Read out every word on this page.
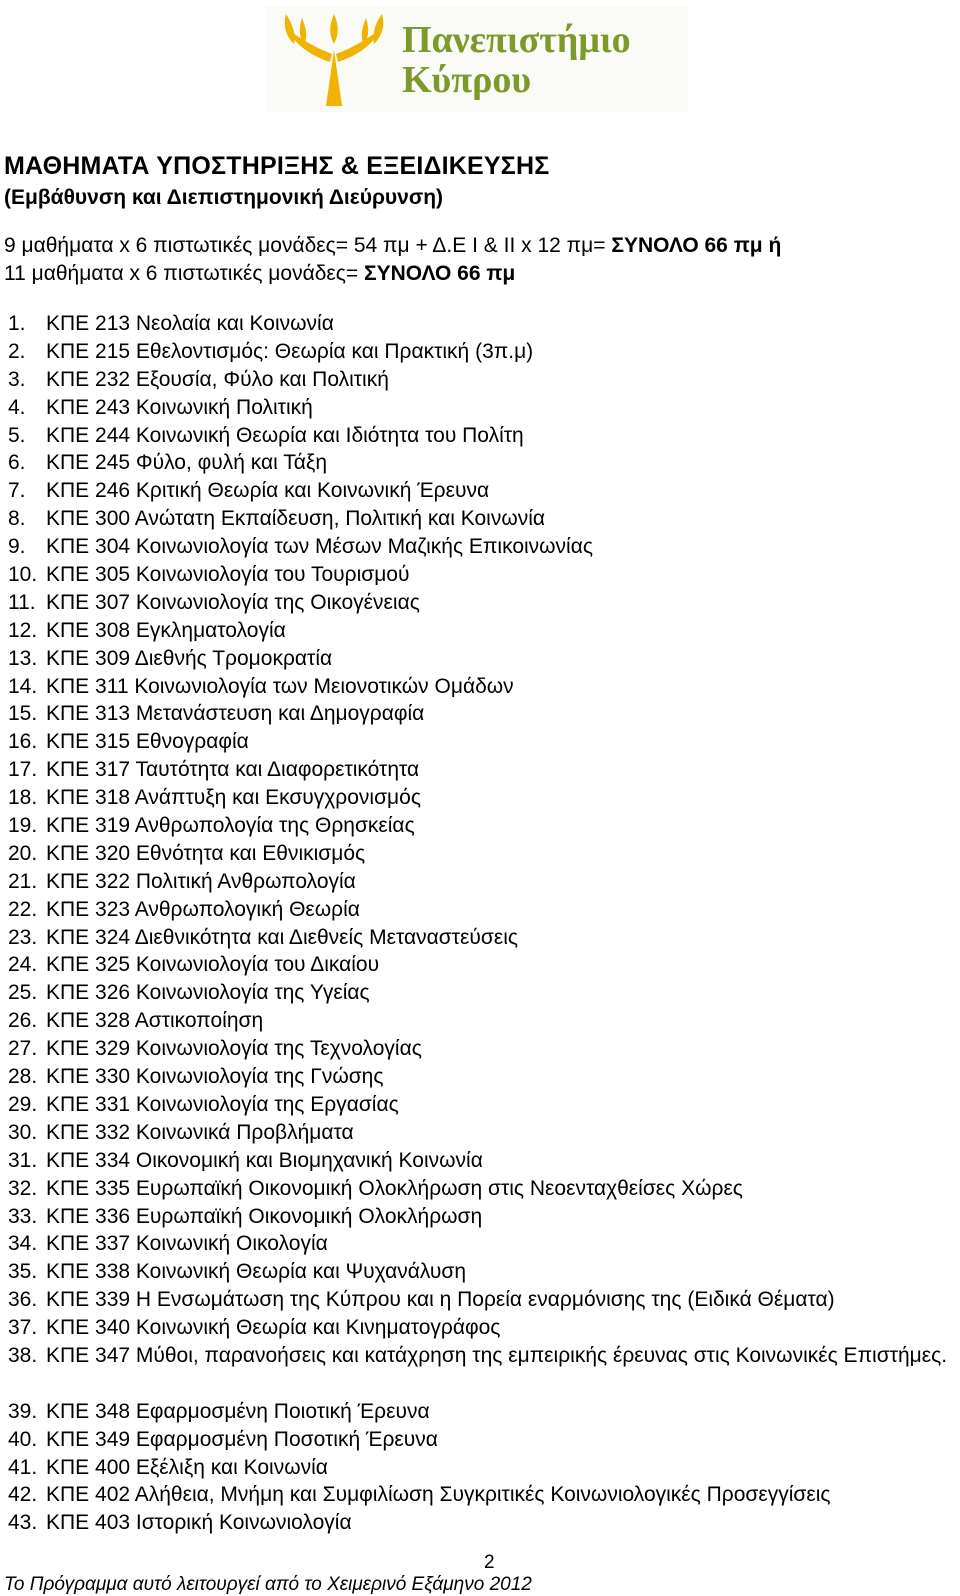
Πανεπιστήμιο
Κύπρου
ΜΑΘΗΜΑΤΑ ΥΠΟΣΤΗΡΙΞΗΣ & ΕΞΕΙΔΙΚΕΥΣΗΣ
(Εμβάθυνση και Διεπιστημονική Διεύρυνση)
9 μαθήματα x 6 πιστωτικές μονάδες= 54 πμ + Δ.Ε Ι & ΙΙ x 12 πμ= ΣΥΝΟΛΟ 66 πμ ή
11 μαθήματα x 6 πιστωτικές μονάδες= ΣΥΝΟΛΟ 66 πμ
1. ΚΠΕ 213 Νεολαία και Κοινωνία
2. ΚΠΕ 215 Εθελοντισμός: Θεωρία και Πρακτική (3π.μ)
3. ΚΠΕ 232 Εξουσία, Φύλο και Πολιτική
4. ΚΠΕ 243 Κοινωνική Πολιτική
5. ΚΠΕ 244 Κοινωνική Θεωρία και Ιδιότητα του Πολίτη
6. ΚΠΕ 245 Φύλο, φυλή και Τάξη
7. ΚΠΕ 246 Κριτική Θεωρία και Κοινωνική Έρευνα
8. ΚΠΕ 300 Ανώτατη Εκπαίδευση, Πολιτική και Κοινωνία
9. ΚΠΕ 304 Κοινωνιολογία των Μέσων Μαζικής Επικοινωνίας
10. ΚΠΕ 305 Κοινωνιολογία του Τουρισμού
11. ΚΠΕ 307 Κοινωνιολογία της Οικογένειας
12. ΚΠΕ 308 Εγκληματολογία
13. ΚΠΕ 309 Διεθνής Τρομοκρατία
14. ΚΠΕ 311 Κοινωνιολογία των Μειονοτικών Ομάδων
15. ΚΠΕ 313 Μετανάστευση και Δημογραφία
16. ΚΠΕ 315 Εθνογραφία
17. ΚΠΕ 317 Ταυτότητα και Διαφορετικότητα
18. ΚΠΕ 318 Ανάπτυξη και Εκσυγχρονισμός
19. ΚΠΕ 319 Ανθρωπολογία της Θρησκείας
20. ΚΠΕ 320 Εθνότητα και Εθνικισμός
21. ΚΠΕ 322 Πολιτική Ανθρωπολογία
22. ΚΠΕ 323 Ανθρωπολογική Θεωρία
23. ΚΠΕ 324 Διεθνικότητα και Διεθνείς Μεταναστεύσεις
24. ΚΠΕ 325 Κοινωνιολογία του Δικαίου
25. ΚΠΕ 326 Κοινωνιολογία της Υγείας
26. ΚΠΕ 328 Αστικοποίηση
27. ΚΠΕ 329 Κοινωνιολογία της Τεχνολογίας
28. ΚΠΕ 330 Κοινωνιολογία της Γνώσης
29. ΚΠΕ 331 Κοινωνιολογία της Εργασίας
30. ΚΠΕ 332 Κοινωνικά Προβλήματα
31. ΚΠΕ 334 Οικονομική και Βιομηχανική Κοινωνία
32. ΚΠΕ 335 Ευρωπαϊκή Οικονομική Ολοκλήρωση στις Νεοενταχθείσες Χώρες
33. ΚΠΕ 336 Ευρωπαϊκή Οικονομική Ολοκλήρωση
34. ΚΠΕ 337 Κοινωνική Οικολογία
35. ΚΠΕ 338 Κοινωνική Θεωρία και Ψυχανάλυση
36. ΚΠΕ 339 Η Ενσωμάτωση της Κύπρου και η Πορεία εναρμόνισης της (Ειδικά Θέματα)
37. ΚΠΕ 340 Κοινωνική Θεωρία και Κινηματογράφος
38. ΚΠΕ 347 Μύθοι, παρανοήσεις και κατάχρηση της εμπειρικής έρευνας στις Κοινωνικές Επιστήμες.
39. ΚΠΕ 348 Εφαρμοσμένη Ποιοτική Έρευνα
40. ΚΠΕ 349 Εφαρμοσμένη Ποσοτική Έρευνα
41. ΚΠΕ 400 Εξέλιξη και Κοινωνία
42. ΚΠΕ 402 Αλήθεια, Μνήμη και Συμφιλίωση Συγκριτικές Κοινωνιολογικές Προσεγγίσεις
43. ΚΠΕ 403 Ιστορική Κοινωνιολογία
2
Το Πρόγραμμα αυτό λειτουργεί από το Χειμερινό Εξάμηνο 2012
